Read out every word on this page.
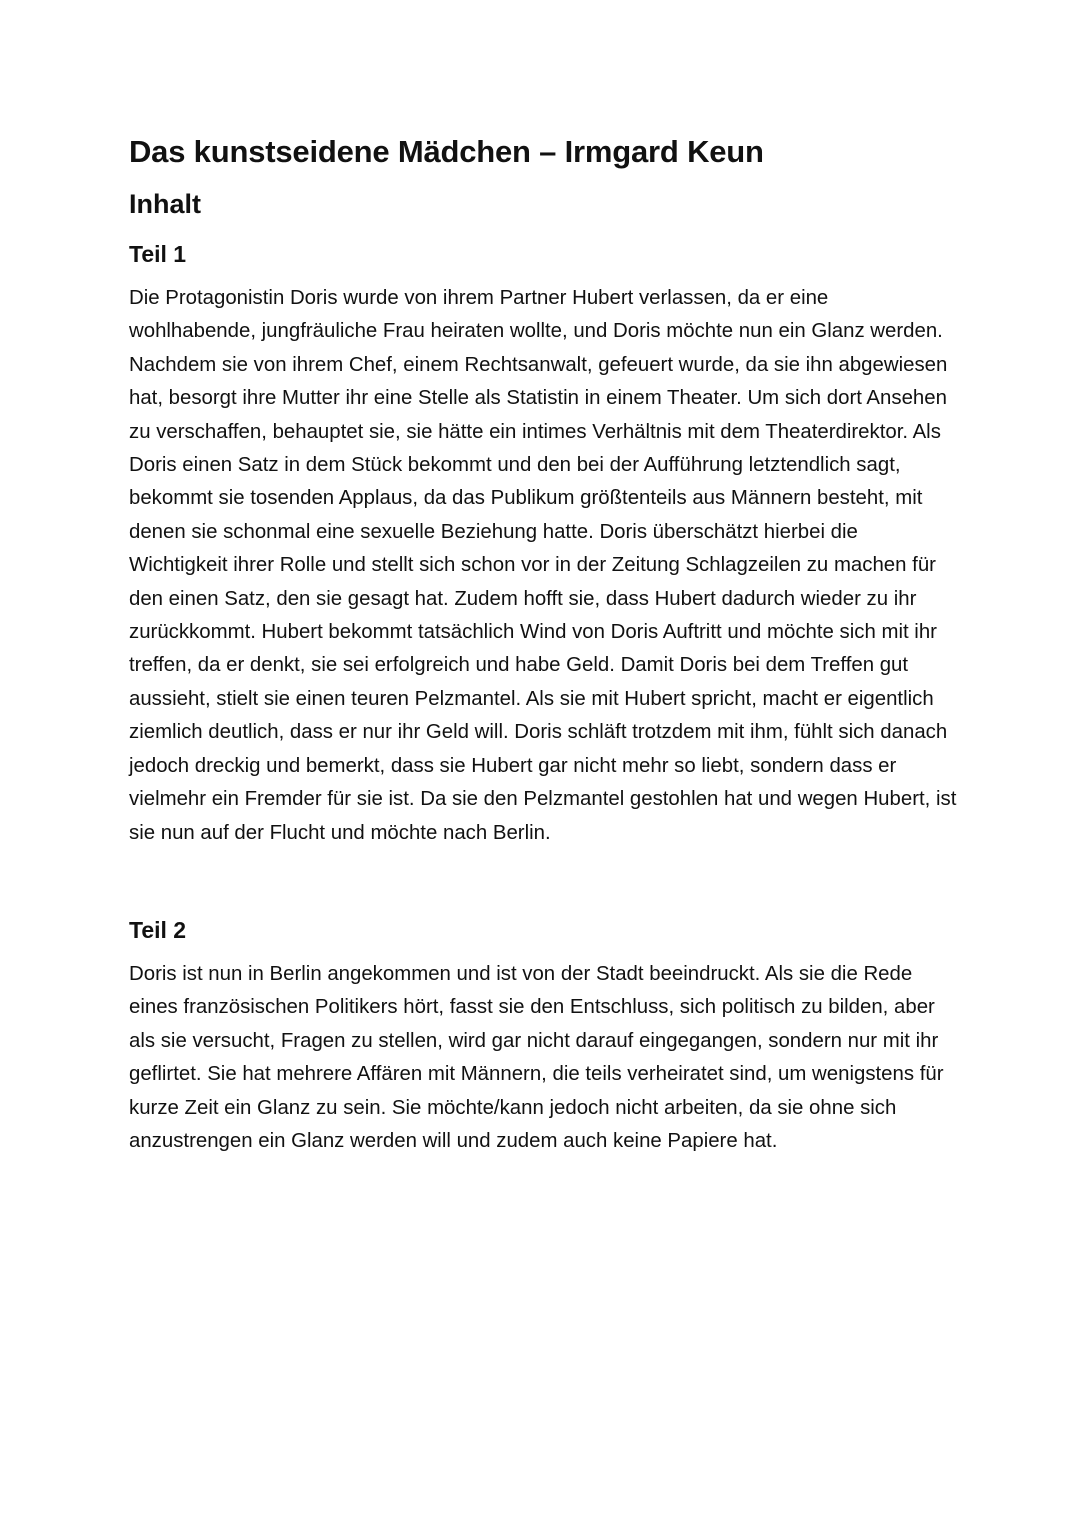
Das kunstseidene Mädchen – Irmgard Keun
Inhalt
Teil 1

Die Protagonistin Doris wurde von ihrem Partner Hubert verlassen, da er eine wohlhabende, jungfräuliche Frau heiraten wollte, und Doris möchte nun ein Glanz werden. Nachdem sie von ihrem Chef, einem Rechtsanwalt, gefeuert wurde, da sie ihn abgewiesen hat, besorgt ihre Mutter ihr eine Stelle als Statistin in einem Theater. Um sich dort Ansehen zu verschaffen, behauptet sie, sie hätte ein intimes Verhältnis mit dem Theaterdirektor. Als Doris einen Satz in dem Stück bekommt und den bei der Aufführung letztendlich sagt, bekommt sie tosenden Applaus, da das Publikum größtenteils aus Männern besteht, mit denen sie schonmal eine sexuelle Beziehung hatte. Doris überschätzt hierbei die Wichtigkeit ihrer Rolle und stellt sich schon vor in der Zeitung Schlagzeilen zu machen für den einen Satz, den sie gesagt hat. Zudem hofft sie, dass Hubert dadurch wieder zu ihr zurückkommt. Hubert bekommt tatsächlich Wind von Doris Auftritt und möchte sich mit ihr treffen, da er denkt, sie sei erfolgreich und habe Geld. Damit Doris bei dem Treffen gut aussieht, stielt sie einen teuren Pelzmantel. Als sie mit Hubert spricht, macht er eigentlich ziemlich deutlich, dass er nur ihr Geld will. Doris schläft trotzdem mit ihm, fühlt sich danach jedoch dreckig und bemerkt, dass sie Hubert gar nicht mehr so liebt, sondern dass er vielmehr ein Fremder für sie ist. Da sie den Pelzmantel gestohlen hat und wegen Hubert, ist sie nun auf der Flucht und möchte nach Berlin.

Teil 2

Doris ist nun in Berlin angekommen und ist von der Stadt beeindruckt. Als sie die Rede eines französischen Politikers hört, fasst sie den Entschluss, sich politisch zu bilden, aber als sie versucht, Fragen zu stellen, wird gar nicht darauf eingegangen, sondern nur mit ihr geflirtet. Sie hat mehrere Affären mit Männern, die teils verheiratet sind, um wenigstens für kurze Zeit ein Glanz zu sein. Sie möchte/kann jedoch nicht arbeiten, da sie ohne sich anzustrengen ein Glanz werden will und zudem auch keine Papiere hat.
